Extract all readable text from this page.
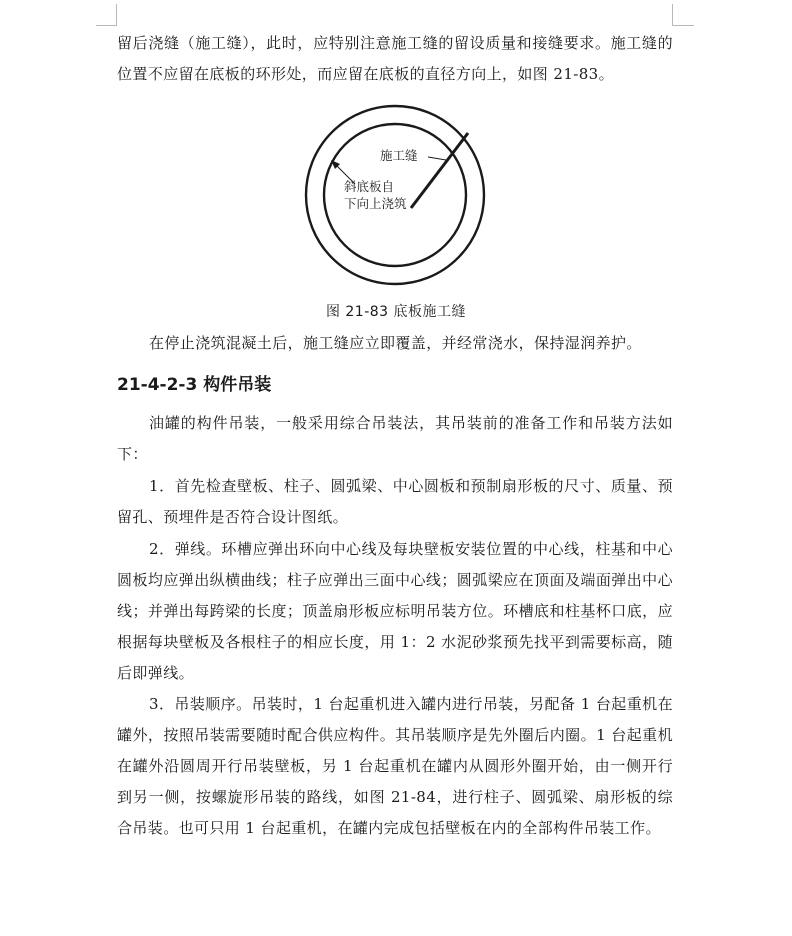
留后浇缝（施工缝），此时，应特别注意施工缝的留设质量和接缝要求。施工缝的位置不应留在底板的环形处，而应留在底板的直径方向上，如图 21-83。
施工缝
斜底板自
下向上浇筑
图 21-83 底板施工缝
在停止浇筑混凝土后，施工缝应立即覆盖，并经常浇水，保持湿润养护。
21-4-2-3 构件吊装
油罐的构件吊装，一般采用综合吊装法，其吊装前的准备工作和吊装方法如下：
1．首先检查壁板、柱子、圆弧梁、中心圆板和预制扇形板的尺寸、质量、预留孔、预埋件是否符合设计图纸。
2．弹线。环槽应弹出环向中心线及每块壁板安装位置的中心线，柱基和中心圆板均应弹出纵横曲线；柱子应弹出三面中心线；圆弧梁应在顶面及端面弹出中心线；并弹出每跨梁的长度；顶盖扇形板应标明吊装方位。环槽底和柱基杯口底，应根据每块壁板及各根柱子的相应长度，用 1：2 水泥砂浆预先找平到需要标高，随后即弹线。
3．吊装顺序。吊装时，1 台起重机进入罐内进行吊装，另配备 1 台起重机在罐外，按照吊装需要随时配合供应构件。其吊装顺序是先外圈后内圈。1 台起重机在罐外沿圆周开行吊装壁板，另 1 台起重机在罐内从圆形外圈开始，由一侧开行到另一侧，按螺旋形吊装的路线，如图 21-84，进行柱子、圆弧梁、扇形板的综合吊装。也可只用 1 台起重机，在罐内完成包括壁板在内的全部构件吊装工作。
